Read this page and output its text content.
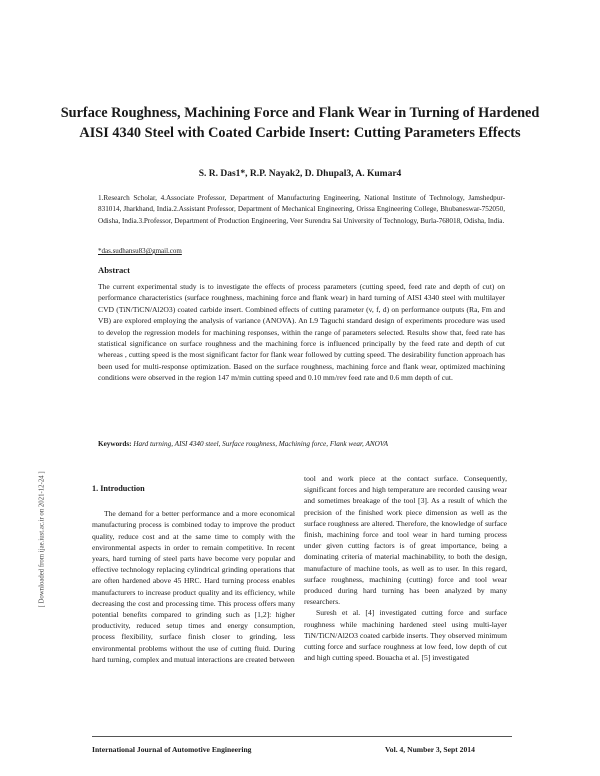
Surface Roughness, Machining Force and Flank Wear in Turning of Hardened AISI 4340 Steel with Coated Carbide Insert: Cutting Parameters Effects
S. R. Das1*, R.P. Nayak2, D. Dhupal3, A. Kumar4
1.Research Scholar, 4.Associate Professor, Department of Manufacturing Engineering, National Institute of Technology, Jamshedpur-831014, Jharkhand, India.2.Assistant Professor, Department of Mechanical Engineering, Orissa Engineering College, Bhubaneswar-752050, Odisha, India.3.Professor, Department of Production Engineering, Veer Surendra Sai University of Technology, Burla-768018, Odisha, India.
*das.sudhansu83@gmail.com
Abstract
The current experimental study is to investigate the effects of process parameters (cutting speed, feed rate and depth of cut) on performance characteristics (surface roughness, machining force and flank wear) in hard turning of AISI 4340 steel with multilayer CVD (TiN/TiCN/Al2O3) coated carbide insert. Combined effects of cutting parameter (v, f, d) on performance outputs (Ra, Fm and VB) are explored employing the analysis of variance (ANOVA). An L9 Taguchi standard design of experiments procedure was used to develop the regression models for machining responses, within the range of parameters selected. Results show that, feed rate has statistical significance on surface roughness and the machining force is influenced principally by the feed rate and depth of cut whereas , cutting speed is the most significant factor for flank wear followed by cutting speed. The desirability function approach has been used for multi-response optimization. Based on the surface roughness, machining force and flank wear, optimized machining conditions were observed in the region 147 m/min cutting speed and 0.10 mm/rev feed rate and 0.6 mm depth of cut.
Keywords: Hard turning, AISI 4340 steel, Surface roughness, Machining force, Flank wear, ANOVA

1. Introduction

The demand for a better performance and a more economical manufacturing process is combined today to improve the product quality, reduce cost and at the same time to comply with the environmental aspects in order to remain competitive. In recent years, hard turning of steel parts have become very popular and effective technology replacing cylindrical grinding operations that are often hardened above 45 HRC. Hard turning process enables manufacturers to increase product quality and its efficiency, while decreasing the cost and processing time. This process offers many potential benefits compared to grinding such as [1,2]: higher productivity, reduced setup times and energy consumption, process flexibility, surface finish closer to grinding, less environmental problems without the use of cutting fluid. During hard turning, complex and mutual interactions are created between

tool and work piece at the contact surface. Consequently, significant forces and high temperature are recorded causing wear and sometimes breakage of the tool [3]. As a result of which the precision of the finished work piece dimension as well as the surface roughness are altered. Therefore, the knowledge of surface finish, machining force and tool wear in hard turning process under given cutting factors is of great importance, being a dominating criteria of material machinability, to both the design, manufacture of machine tools, as well as to user. In this regard, surface roughness, machining (cutting) force and tool wear produced during hard turning has been analyzed by many researchers.

Suresh et al. [4] investigated cutting force and surface roughness while machining hardened steel using multi-layer TiN/TiCN/Al2O3 coated carbide inserts. They observed minimum cutting force and surface roughness at low feed, low depth of cut and high cutting speed. Bouacha et al. [5] investigated

International Journal of Automotive Engineering	Vol. 4, Number 3, Sept 2014
[ Downloaded from ijae.iust.ac.ir on 2021-12-24 ]
